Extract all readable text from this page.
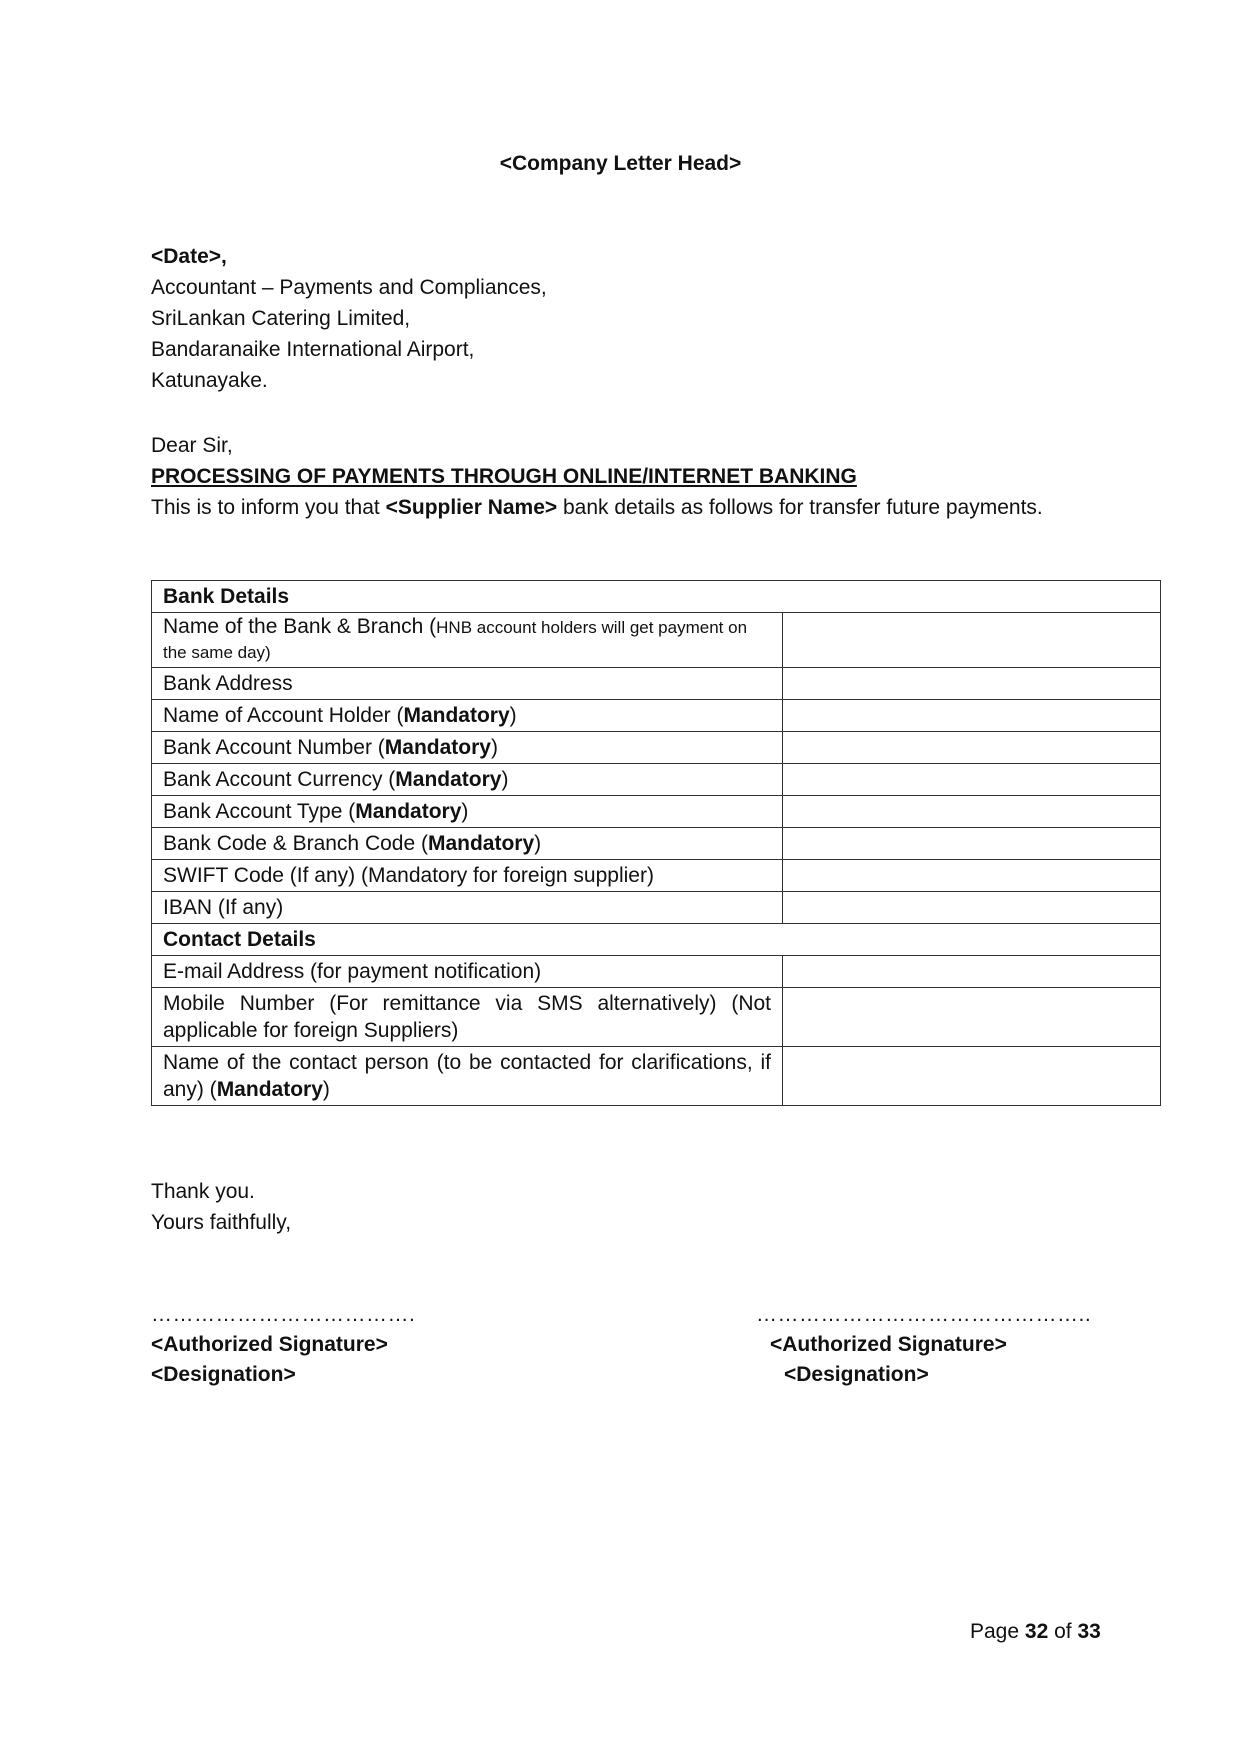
<Company Letter Head>
<Date>,
Accountant – Payments and Compliances,
SriLankan Catering Limited,
Bandaranaike International Airport,
Katunayake.
Dear Sir,
PROCESSING OF PAYMENTS THROUGH ONLINE/INTERNET BANKING
This is to inform you that <Supplier Name> bank details as follows for transfer future payments.
Bank Details	
Name of the Bank & Branch (HNB account holders will get payment on the same day)	
Bank Address	
Name of Account Holder (Mandatory)	
Bank Account Number (Mandatory)	
Bank Account Currency (Mandatory)	
Bank Account Type (Mandatory)	
Bank Code & Branch Code (Mandatory)	
SWIFT Code (If any) (Mandatory for foreign supplier)	
IBAN (If any)	
Contact Details	
E-mail Address (for payment notification)	
Mobile Number (For remittance via SMS alternatively) (Not applicable for foreign Suppliers)	
Name of the contact person (to be contacted for clarifications, if any) (Mandatory)	
Thank you.
Yours faithfully,
……………………………….
<Authorized Signature>
<Designation>
………………………………………..
<Authorized Signature>
<Designation>
Page 32 of 33
